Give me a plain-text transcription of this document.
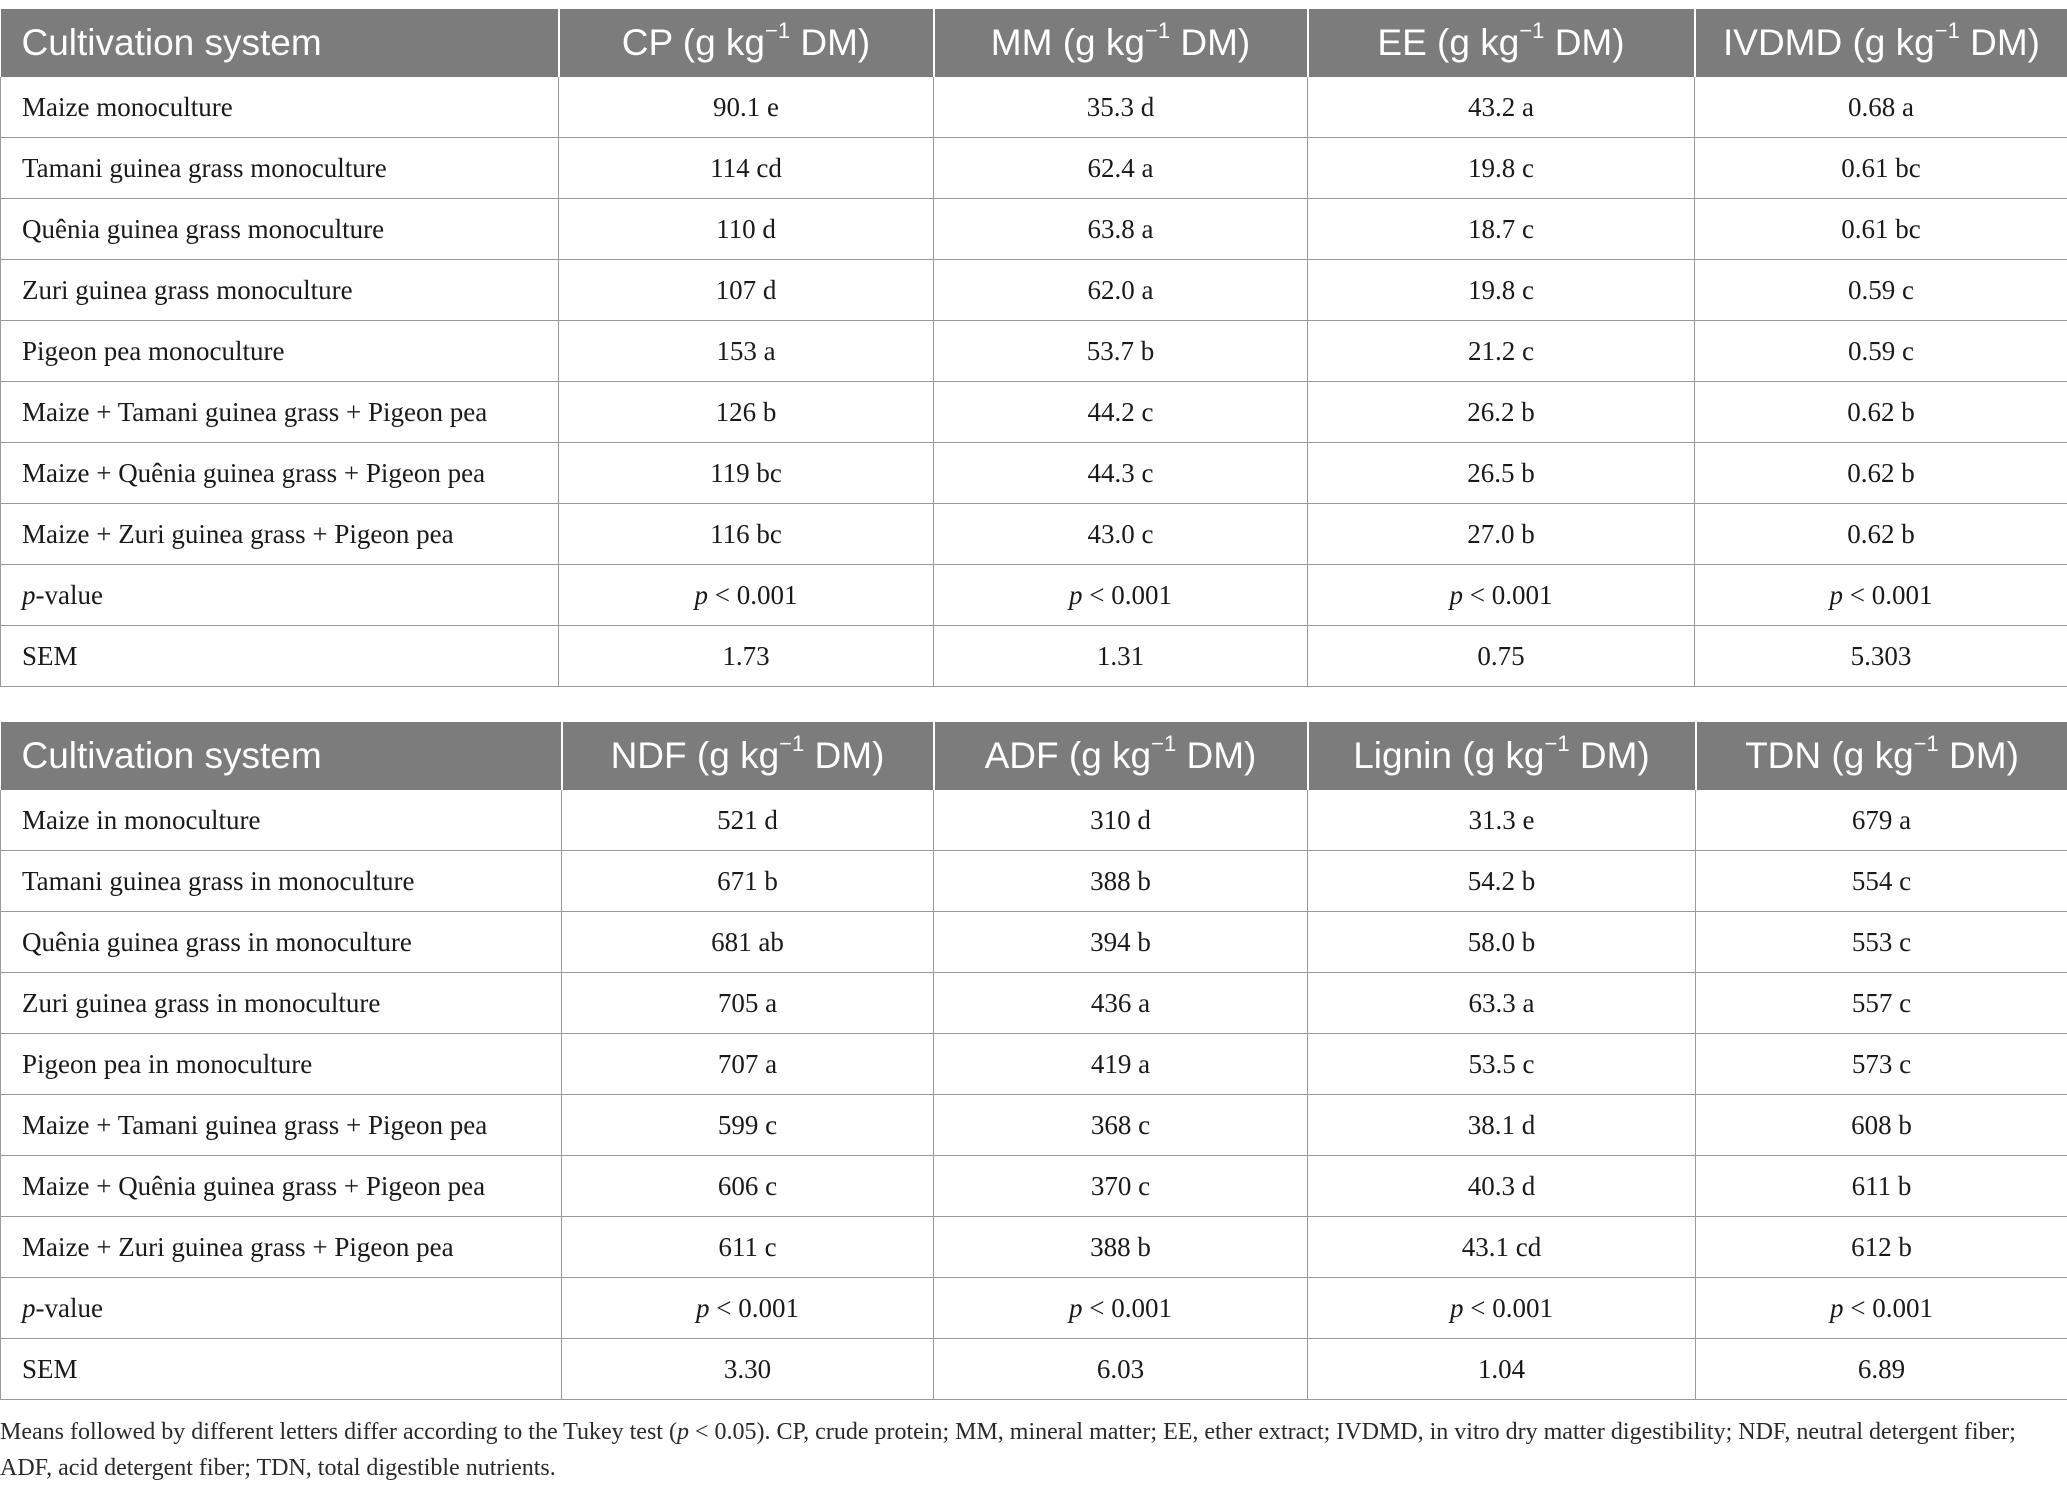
Cultivation system	CP (g $kg^{-1}$ DM)	MM (g $kg^{-1}$ DM)	EE (g $kg^{-1}$ DM)	IVDMD (g $kg^{-1}$ DM)
Maize monoculture	90.1 e	35.3 d	43.2 a	0.68 a
Tamani guinea grass monoculture	114 cd	62.4 a	19.8 c	0.61 bc
Quênia guinea grass monoculture	110 d	63.8 a	18.7 c	0.61 bc
Zuri guinea grass monoculture	107 d	62.0 a	19.8 c	0.59 c
Pigeon pea monoculture	153 a	53.7 b	21.2 c	0.59 c
Maize + Tamani guinea grass + Pigeon pea	126 b	44.2 c	26.2 b	0.62 b
Maize + Quênia guinea grass + Pigeon pea	119 bc	44.3 c	26.5 b	0.62 b
Maize + Zuri guinea grass + Pigeon pea	116 bc	43.0 c	27.0 b	0.62 b
p-value	p < 0.001	p < 0.001	p < 0.001	p < 0.001
SEM	1.73	1.31	0.75	5.303
Cultivation system	NDF (g $kg^{-1}$ DM)	ADF (g $kg^{-1}$ DM)	Lignin (g $kg^{-1}$ DM)	TDN (g $kg^{-1}$ DM)
Maize in monoculture	521 d	310 d	31.3 e	679 a
Tamani guinea grass in monoculture	671 b	388 b	54.2 b	554 c
Quênia guinea grass in monoculture	681 ab	394 b	58.0 b	553 c
Zuri guinea grass in monoculture	705 a	436 a	63.3 a	557 c
Pigeon pea in monoculture	707 a	419 a	53.5 c	573 c
Maize + Tamani guinea grass + Pigeon pea	599 c	368 c	38.1 d	608 b
Maize + Quênia guinea grass + Pigeon pea	606 c	370 c	40.3 d	611 b
Maize + Zuri guinea grass + Pigeon pea	611 c	388 b	43.1 cd	612 b
p-value	p < 0.001	p < 0.001	p < 0.001	p < 0.001
SEM	3.30	6.03	1.04	6.89
Means followed by different letters differ according to the Tukey test (p < 0.05). CP, crude protein; MM, mineral matter; EE, ether extract; IVDMD, in vitro dry matter digestibility; NDF, neutral detergent fiber; ADF, acid detergent fiber; TDN, total digestible nutrients.
